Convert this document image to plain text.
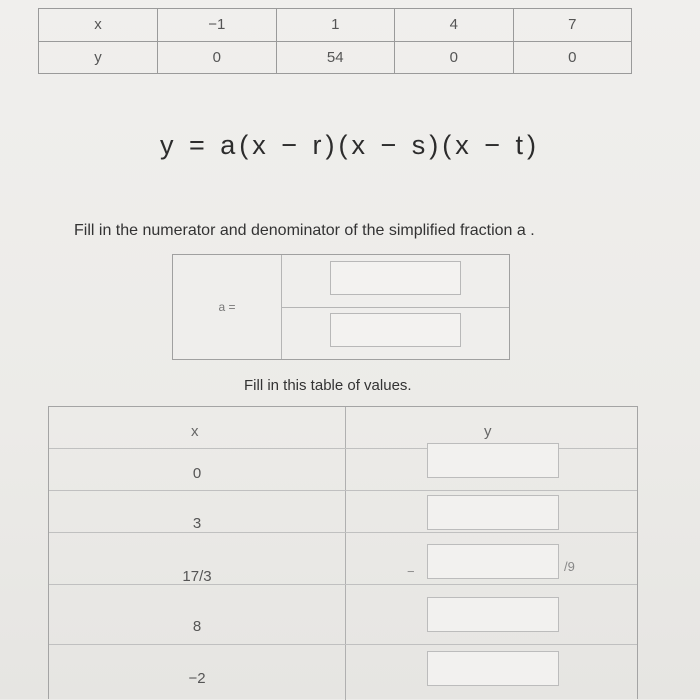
x	−1	1	4	7
y	0	54	0	0
y = a(x − r)(x − s)(x − t)
Fill in the numerator and denominator of the simplified fraction a .
a =
Fill in this table of values.
x	y
0
3
17/3	−	/9
8
−2
